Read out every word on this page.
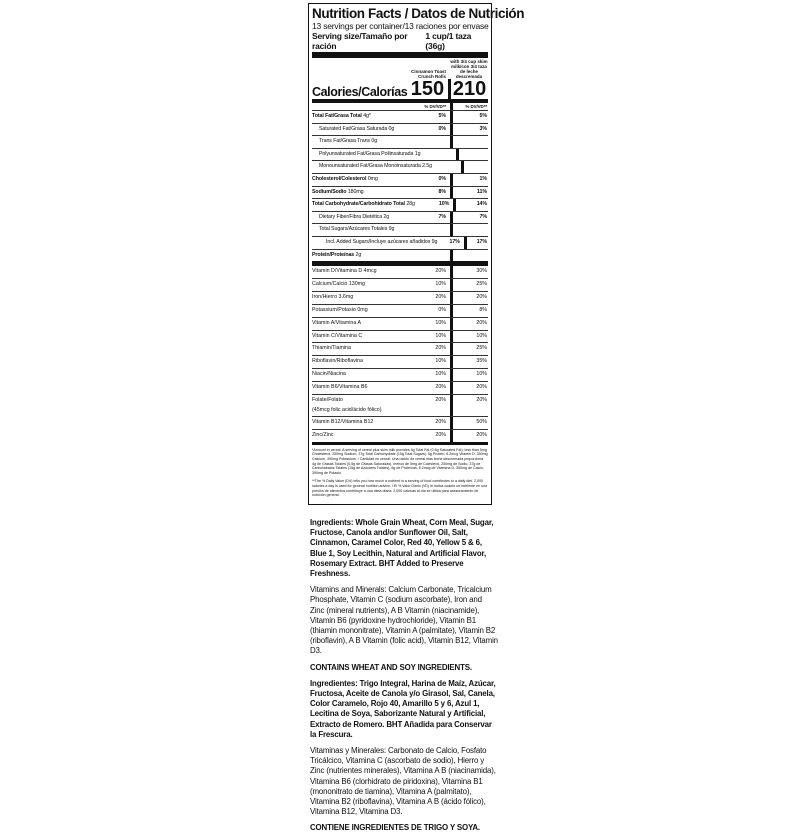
Nutrition Facts / Datos de Nutrición
13 servings per container/13 raciones por envase
Serving size/Tamaño por ración
1 cup/1 taza (36g)
Cinnamon Toast Crunch Rolls
with 3/4 cup skim milk/con 3/4 taza de leche descremada
Calories/Calorías 150 210
% DV/VD**	% DV/VD**
Total Fat/Grasa Total 4g*	5%	5%
Saturated Fat/Grasa Saturada 0g	0%	3%
Trans Fat/Grasa Trans 0g
Polyunsaturated Fat/Grasa Poliinsaturada 1g
Monounsaturated Fat/Grasa Monoinsaturada 2.5g
Cholesterol/Colesterol 0mg	0%	1%
Sodium/Sodio 180mg	8%	11%
Total Carbohydrate/Carbohidrato Total 28g	10%	14%
Dietary Fiber/Fibra Dietética 2g	7%	7%
Total Sugars/Azúcares Totales 9g
Incl. Added Sugars/Incluye azúcares añadidos 9g	17%	17%
Protein/Proteínas 2g
Vitamin D/Vitamina D 4mcg	20%	30%
Calcium/Calcio 130mg	10%	25%
Iron/Hierro 3.6mg	20%	20%
Potassium/Potasio 0mg	0%	8%
Vitamin A/Vitamina A	10%	20%
Vitamin C/Vitamina C	10%	10%
Thiamin/Tiamina	20%	25%
Riboflavin/Riboflavina	10%	35%
Niacin/Niacina	10%	10%
Vitamin B6/Vitamina B6	20%	20%
Folate/Folato
(45mcg folic acid/ácido fólico)
20%	20%
Vitamin B12/Vitamina B12	20%	50%
Zinc/Zinc	20%	20%

*Amount in cereal. A serving of cereal plus skim milk provides 4g Total Fat (0.5g Saturated Fat), less than 5mg Cholesterol, 250mg Sodium, 37g Total Carbohydrate (15g Total Sugars), 6g Protein, 6.2mcg Vitamin D, 350mg Calcium, 390mg Potassium. / Cantidad en cereal. Una ración de cereal más leche descremada proporciona 4g de Grasas Totales (0.5g de Grasas Saturadas), menos de 5mg de Colesterol, 250mg de Sodio, 37g de Carbohidratos Totales (15g de Azúcares Totales), 6g de Proteínas, 6.2mcg de Vitamina D, 350mg de Calcio, 390mg de Potasio.

**The % Daily Value (DV) tells you how much a nutrient in a serving of food contributes to a daily diet. 2,000 calories a day is used for general nutrition advice. / El % Valor Diario (VD) le indica cuánto un nutriente en una porción de alimentos contribuye a una dieta diaria. 2,000 calorías al día se utiliza para asesoramiento de nutrición general.

Ingredients: Whole Grain Wheat, Corn Meal, Sugar, Fructose, Canola and/or Sunflower Oil, Salt, Cinnamon, Caramel Color, Red 40, Yellow 5 & 6, Blue 1, Soy Lecithin, Natural and Artificial Flavor, Rosemary Extract. BHT Added to Preserve Freshness.

Vitamins and Minerals: Calcium Carbonate, Tricalcium Phosphate, Vitamin C (sodium ascorbate), Iron and Zinc (mineral nutrients), A B Vitamin (niacinamide), Vitamin B6 (pyridoxine hydrochloride), Vitamin B1 (thiamin mononitrate), Vitamin A (palmitate), Vitamin B2 (riboflavin), A B Vitamin (folic acid), Vitamin B12, Vitamin D3.

CONTAINS WHEAT AND SOY INGREDIENTS.

Ingredientes: Trigo Integral, Harina de Maíz, Azúcar, Fructosa, Aceite de Canola y/o Girasol, Sal, Canela, Color Caramelo, Rojo 40, Amarillo 5 y 6, Azul 1, Lecitina de Soya, Saborizante Natural y Artificial, Extracto de Romero. BHT Añadida para Conservar la Frescura.

Vitaminas y Minerales: Carbonato de Calcio, Fosfato Tricálcico, Vitamina C (ascorbato de sodio), Hierro y Zinc (nutrientes minerales), Vitamina A B (niacinamida), Vitamina B6 (clorhidrato de piridoxina), Vitamina B1 (mononitrato de tiamina), Vitamina A (palmitato), Vitamina B2 (riboflavina), Vitamina A B (ácido fólico), Vitamina B12, Vitamina D3.

CONTIENE INGREDIENTES DE TRIGO Y SOYA.
